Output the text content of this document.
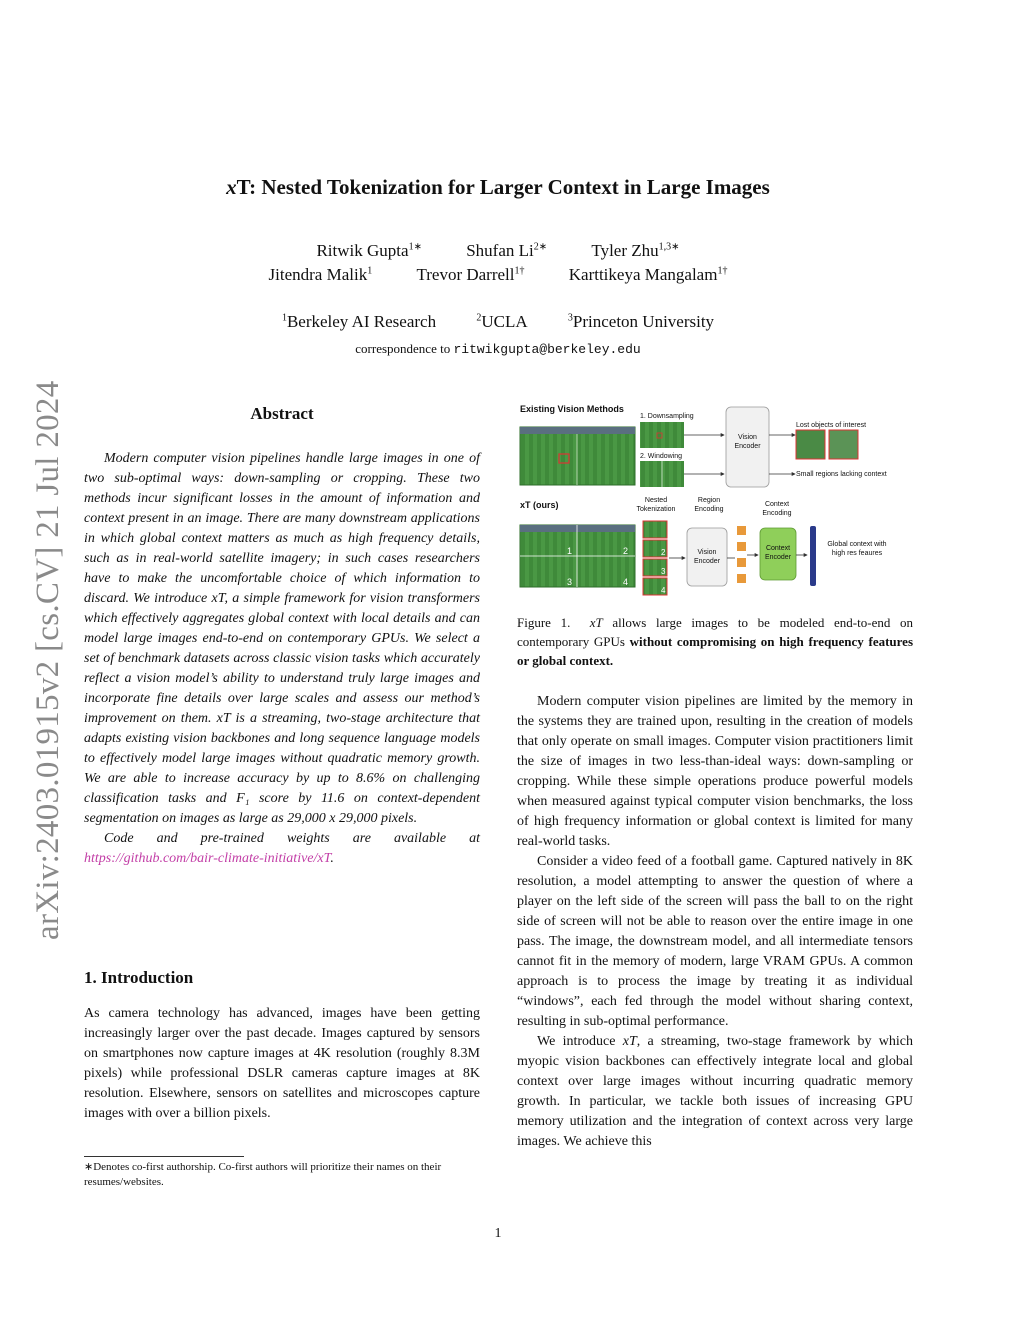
arXiv:2403.01915v2 [cs.CV] 21 Jul 2024
xT: Nested Tokenization for Larger Context in Large Images
Ritwik Gupta$^{1∗}$	Shufan $Li^{2∗}$	Tyler Zhu$^{1,3∗}$
Jitendra Malik$^1$	Trevor Darrell$^{1\dagger}$	Karttikeya Mangalam$^{1\dagger}$
$^1$Berkeley AI Research	$^2$UCLA	$^3$Princeton University
correspondence to ritwikgupta@berkeley.edu
Abstract

Modern computer vision pipelines handle large images in one of two sub-optimal ways: down-sampling or cropping. These two methods incur significant losses in the amount of information and context present in an image. There are many downstream applications in which global context matters as much as high frequency details, such as in real-world satellite imagery; in such cases researchers have to make the uncomfortable choice of which information to discard. We introduce xT, a simple framework for vision transformers which effectively aggregates global context with local details and can model large images end-to-end on contemporary GPUs. We select a set of benchmark datasets across classic vision tasks which accurately reflect a vision model’s ability to understand truly large images and incorporate fine details over large scales and assess our method’s improvement on them. xT is a streaming, two-stage architecture that adapts existing vision backbones and long sequence language models to effectively model large images without quadratic memory growth. We are able to increase accuracy by up to 8.6% on challenging classification tasks and F₁ score by 11.6 on context-dependent segmentation on images as large as 29,000 x 29,000 pixels.

Code and pre-trained weights are available at https://github.com/bair-climate-initiative/xT.

1. Introduction

As camera technology has advanced, images have been getting increasingly larger over the past decade. Images captured by sensors on smartphones now capture images at 4K resolution (roughly 8.3M pixels) while professional DSLR cameras capture images at 8K resolution. Elsewhere, sensors on satellites and microscopes capture images with over a billion pixels.

∗Denotes co-first authorship. Co-first authors will prioritize their names on their resumes/websites.
Existing Vision Methods
1. Downsampling
2. Windowing
Vision Encoder
Lost objects of interest
Small regions lacking context
xT (ours)	Nested Tokenization
Region Encoding
Context Encoding
1	2
3	4
2
3
4
Vision Encoder
Context Encoder
Global context with high res feaures
Figure 1. xT allows large images to be modeled end-to-end on contemporary GPUs without compromising on high frequency features or global context.

Modern computer vision pipelines are limited by the memory in the systems they are trained upon, resulting in the creation of models that only operate on small images. Computer vision practitioners limit the size of images in two less-than-ideal ways: down-sampling or cropping. While these simple operations produce powerful models when measured against typical computer vision benchmarks, the loss of high frequency information or global context is limited for many real-world tasks.

Consider a video feed of a football game. Captured natively in 8K resolution, a model attempting to answer the question of where a player on the left side of the screen will pass the ball to on the right side of screen will not be able to reason over the entire image in one pass. The image, the downstream model, and all intermediate tensors cannot fit in the memory of modern, large VRAM GPUs. A common approach is to process the image by treating it as individual “windows”, each fed through the model without sharing context, resulting in sub-optimal performance.

We introduce xT, a streaming, two-stage framework by which myopic vision backbones can effectively integrate local and global context over large images without incurring quadratic memory growth. In particular, we tackle both issues of increasing GPU memory utilization and the integration of context across very large images. We achieve this

1
